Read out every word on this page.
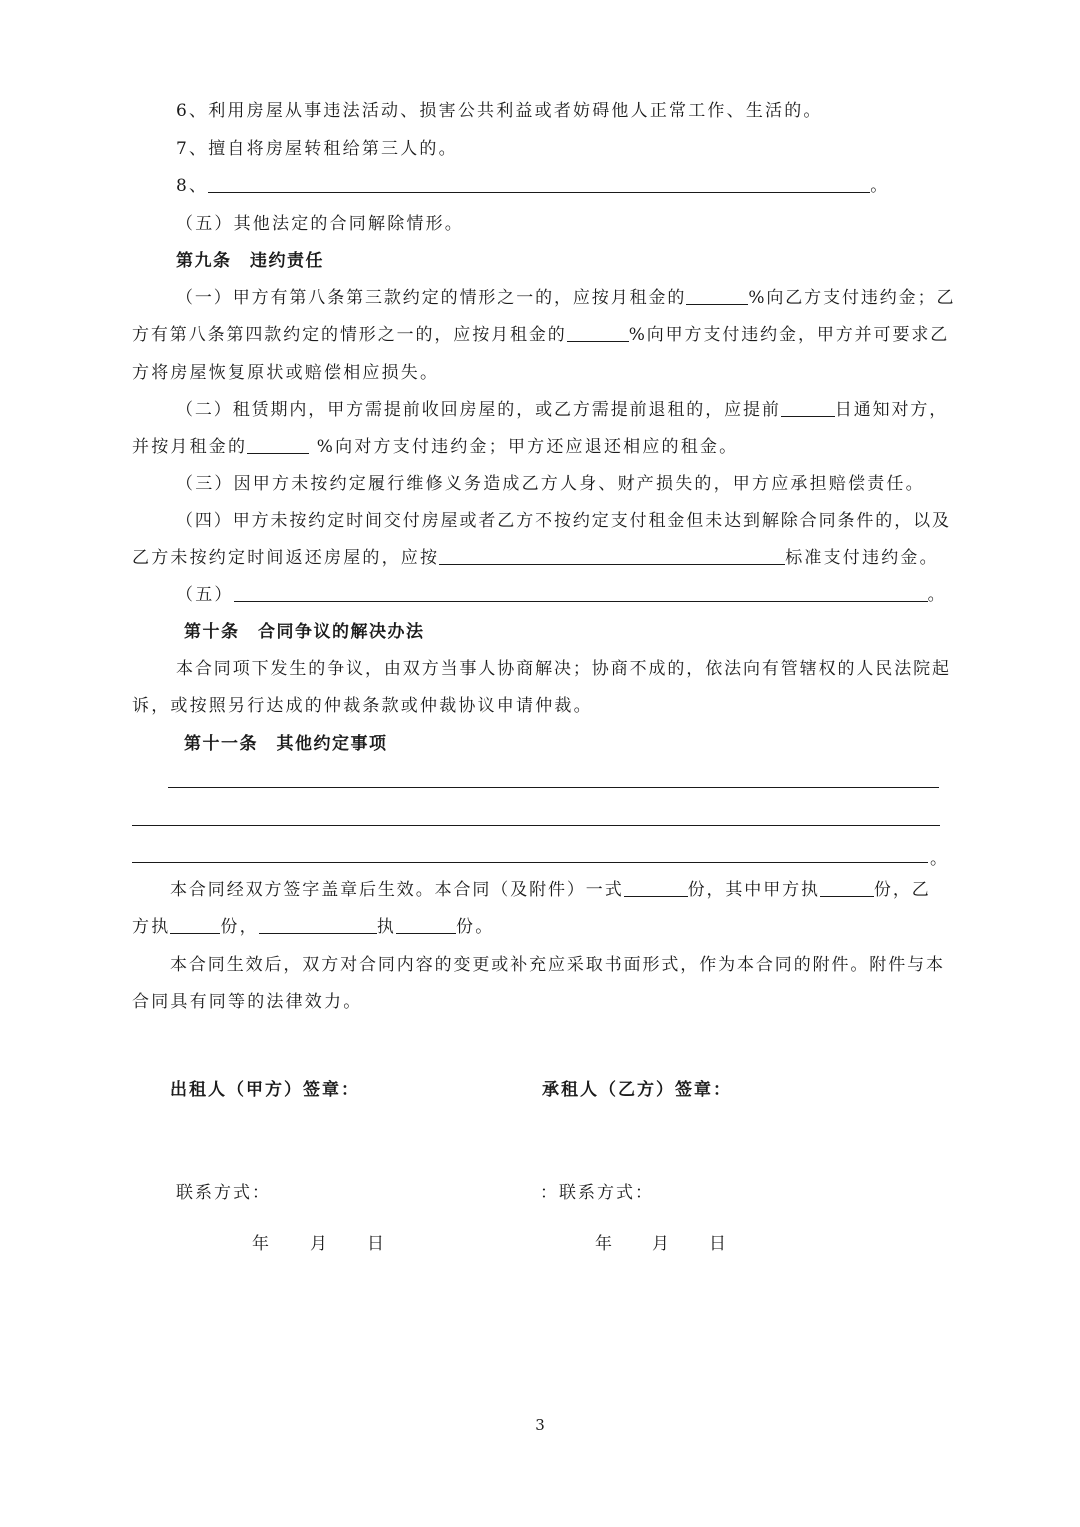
6、利用房屋从事违法活动、损害公共利益或者妨碍他人正常工作、生活的。
7、擅自将房屋转租给第三人的。
8、	。
（五）其他法定的合同解除情形。
第九条　违约责任
（一）甲方有第八条第三款约定的情形之一的，应按月租金的	%向乙方支付违约金；乙
方有第八条第四款约定的情形之一的，应按月租金的	%向甲方支付违约金，甲方并可要求乙
方将房屋恢复原状或赔偿相应损失。
（二）租赁期内，甲方需提前收回房屋的，或乙方需提前退租的，应提前	日通知对方，
并按月租金的	%向对方支付违约金；甲方还应退还相应的租金。
（三）因甲方未按约定履行维修义务造成乙方人身、财产损失的，甲方应承担赔偿责任。
（四）甲方未按约定时间交付房屋或者乙方不按约定支付租金但未达到解除合同条件的，以及
乙方未按约定时间返还房屋的，应按	标准支付违约金。
（五）	。
第十条　合同争议的解决办法
本合同项下发生的争议，由双方当事人协商解决；协商不成的，依法向有管辖权的人民法院起
诉，或按照另行达成的仲裁条款或仲裁协议申请仲裁。
第十一条　其他约定事项
。
本合同经双方签字盖章后生效。本合同（及附件）一式	份，其中甲方执	份，乙
方执	份，	执	份。
本合同生效后，双方对合同内容的变更或补充应采取书面形式，作为本合同的附件。附件与本
合同具有同等的法律效力。
出租人（甲方）签章：	承租人（乙方）签章：
联系方式：	：联系方式：
年 月 日	年 月 日
3
